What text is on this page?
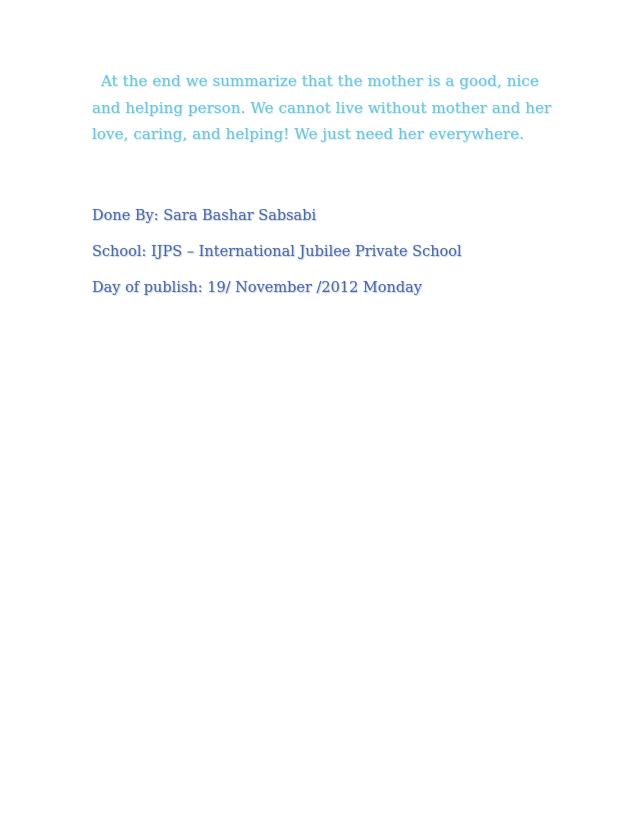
At the end we summarize that the mother is a good, nice and helping person. We cannot live without mother and her love, caring, and helping! We just need her everywhere.

Done By: Sara Bashar Sabsabi

School: IJPS – International Jubilee Private School

Day of publish: 19/ November /2012 Monday
